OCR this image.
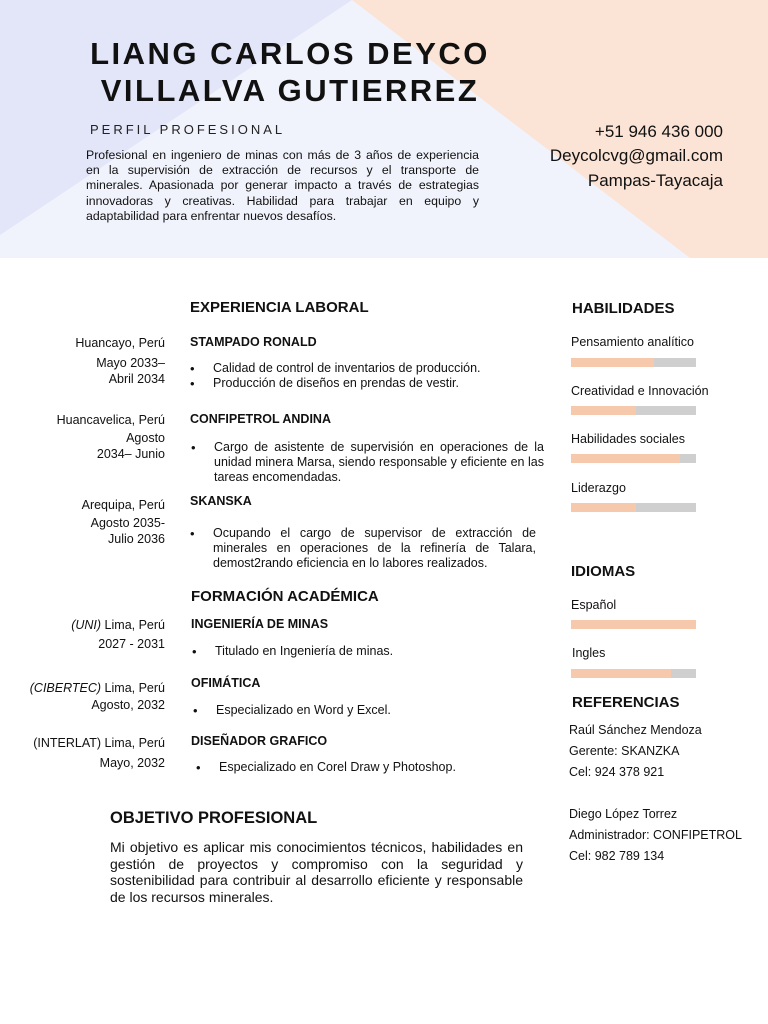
LIANG CARLOS DEYCO
VILLALVA GUTIERREZ
PERFIL PROFESIONAL
Profesional en ingeniero de minas con más de 3 años de experiencia en la supervisión de extracción de recursos y el transporte de minerales. Apasionada por generar impacto a través de estrategias innovadoras y creativas. Habilidad para trabajar en equipo y adaptabilidad para enfrentar nuevos desafíos.
+51 946 436 000
Deycolcvg@gmail.com
Pampas-Tayacaja
EXPERIENCIA LABORAL
Huancayo, Perú
Mayo 2033–
Abril 2034
STAMPADO RONALD
• Calidad de control de inventarios de producción.
• Producción de diseños en prendas de vestir.
Huancavelica, Perú
Agosto
2034– Junio
CONFIPETROL ANDINA
• Cargo de asistente de supervisión en operaciones de la unidad minera Marsa, siendo responsable y eficiente en las tareas encomendadas.
Arequipa, Perú
Agosto 2035-
Julio 2036
SKANSKA
• Ocupando el cargo de supervisor de extracción de minerales en operaciones de la refinería de Talara, demost2rando eficiencia en lo labores realizados.
FORMACIÓN ACADÉMICA
(UNI) Lima, Perú
2027 - 2031
INGENIERÍA DE MINAS
• Titulado en Ingeniería de minas.
(CIBERTEC) Lima, Perú
Agosto, 2032
OFIMÁTICA
• Especializado en Word y Excel.
(INTERLAT) Lima, Perú
Mayo, 2032
DISEÑADOR GRAFICO
• Especializado en Corel Draw y Photoshop.
OBJETIVO PROFESIONAL
Mi objetivo es aplicar mis conocimientos técnicos, habilidades en gestión de proyectos y compromiso con la seguridad y sostenibilidad para contribuir al desarrollo eficiente y responsable de los recursos minerales.
HABILIDADES
Pensamiento analítico
Creatividad e Innovación
Habilidades sociales
Liderazgo
IDIOMAS
Español
Ingles
REFERENCIAS
Raúl Sánchez Mendoza
Gerente: SKANZKA
Cel: 924 378 921
Diego López Torrez
Administrador: CONFIPETROL
Cel: 982 789 134
